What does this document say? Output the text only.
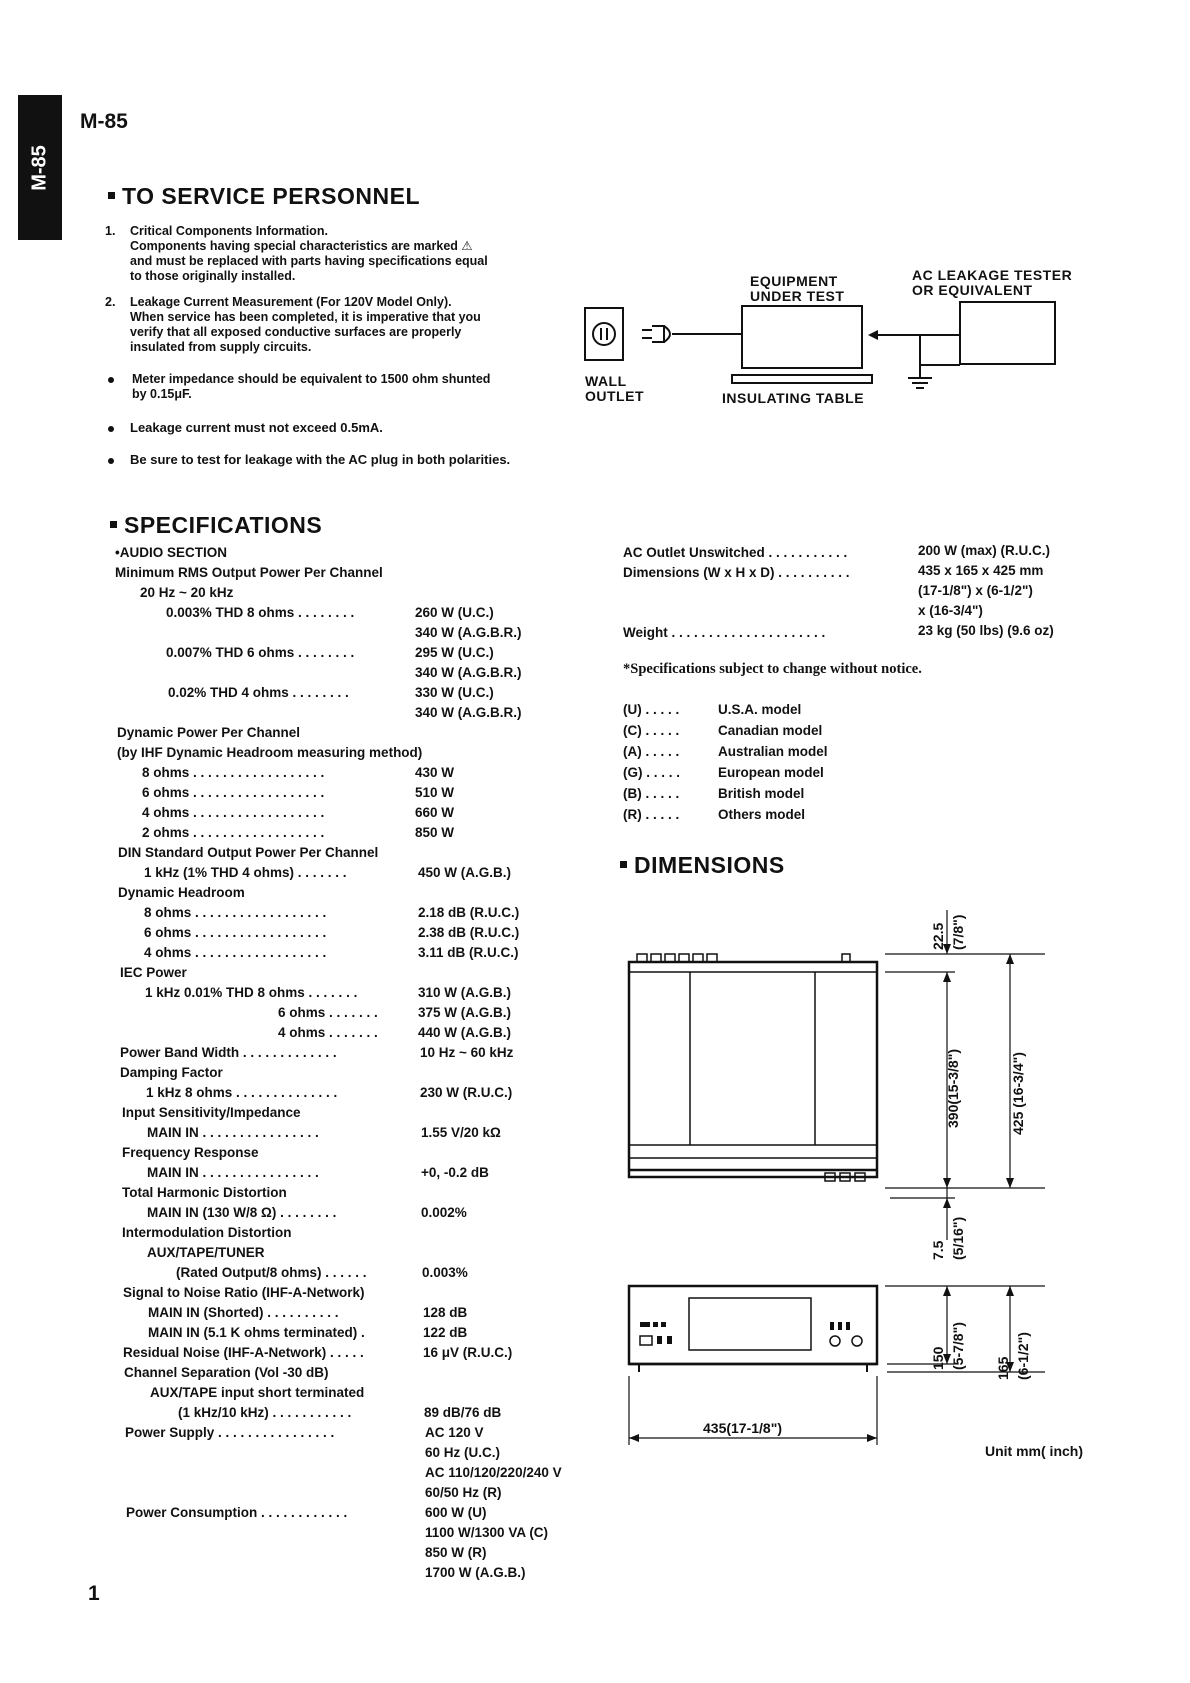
M-85
M-85
TO SERVICE PERSONNEL
1. Critical Components Information.
Components having special characteristics are marked ⚠
and must be replaced with parts having specifications equal
to those originally installed.
2. Leakage Current Measurement (For 120V Model Only).
When service has been completed, it is imperative that you
verify that all exposed conductive surfaces are properly
insulated from supply circuits.
Meter impedance should be equivalent to 1500 ohm shunted
by 0.15μF.
Leakage current must not exceed 0.5mA.
Be sure to test for leakage with the AC plug in both polarities.
EQUIPMENT
UNDER TEST
AC LEAKAGE TESTER
OR EQUIVALENT
WALL
OUTLET	INSULATING TABLE
SPECIFICATIONS
•AUDIO SECTION
Minimum RMS Output Power Per Channel
20 Hz ~ 20 kHz
0.003% THD 8 ohms . . . . . . . .	260 W (U.C.)
340 W (A.G.B.R.)
0.007% THD 6 ohms . . . . . . . .	295 W (U.C.)
340 W (A.G.B.R.)
0.02% THD 4 ohms . . . . . . . .	330 W (U.C.)
340 W (A.G.B.R.)
Dynamic Power Per Channel
(by IHF Dynamic Headroom measuring method)
8 ohms . . . . . . . . . . . . . . . . . .	430 W
6 ohms . . . . . . . . . . . . . . . . . .	510 W
4 ohms . . . . . . . . . . . . . . . . . .	660 W
2 ohms . . . . . . . . . . . . . . . . . .	850 W
DIN Standard Output Power Per Channel
1 kHz (1% THD 4 ohms) . . . . . . .	450 W (A.G.B.)
Dynamic Headroom
8 ohms . . . . . . . . . . . . . . . . . .	2.18 dB (R.U.C.)
6 ohms . . . . . . . . . . . . . . . . . .	2.38 dB (R.U.C.)
4 ohms . . . . . . . . . . . . . . . . . .	3.11 dB (R.U.C.)
IEC Power
1 kHz 0.01% THD 8 ohms . . . . . . .	310 W (A.G.B.)
6 ohms . . . . . . .	375 W (A.G.B.)
4 ohms . . . . . . .	440 W (A.G.B.)
Power Band Width . . . . . . . . . . . . .	10 Hz ~ 60 kHz
Damping Factor
1 kHz 8 ohms . . . . . . . . . . . . . .	230 W (R.U.C.)
Input Sensitivity/Impedance
MAIN IN . . . . . . . . . . . . . . . .	1.55 V/20 kΩ
Frequency Response
MAIN IN . . . . . . . . . . . . . . . .	+0, -0.2 dB
Total Harmonic Distortion
MAIN IN (130 W/8 Ω) . . . . . . . .	0.002%
Intermodulation Distortion
AUX/TAPE/TUNER
(Rated Output/8 ohms) . . . . . .	0.003%
Signal to Noise Ratio (IHF-A-Network)
MAIN IN (Shorted) . . . . . . . . . .	128 dB
MAIN IN (5.1 K ohms terminated) .	122 dB
Residual Noise (IHF-A-Network) . . . . .	16 μV (R.U.C.)
Channel Separation (Vol -30 dB)
AUX/TAPE input short terminated
(1 kHz/10 kHz) . . . . . . . . . . .	89 dB/76 dB
Power Supply . . . . . . . . . . . . . . . .	AC 120 V
60 Hz (U.C.)
AC 110/120/220/240 V
60/50 Hz (R)
Power Consumption . . . . . . . . . . . .	600 W (U)
1100 W/1300 VA (C)
850 W (R)
1700 W (A.G.B.)
AC Outlet Unswitched . . . . . . . . . . .	200 W (max) (R.U.C.)
Dimensions (W x H x D) . . . . . . . . . .	435 x 165 x 425 mm
(17-1/8") x (6-1/2")
x (16-3/4")
Weight . . . . . . . . . . . . . . . . . . . . .	23 kg (50 lbs) (9.6 oz)
*Specifications subject to change without notice.
(U) . . . . .	U.S.A. model
(C) . . . . .	Canadian model
(A) . . . . .	Australian model
(G) . . . . .	European model
(B) . . . . .	British model
(R) . . . . .	Others model
DIMENSIONS
22.5 (7/8")
390(15-3/8")	425 (16-3/4")
7.5 (5/16")
150 (5-7/8") 165 (6-1/2")
435(17-1/8")
Unit mm( inch)
1
